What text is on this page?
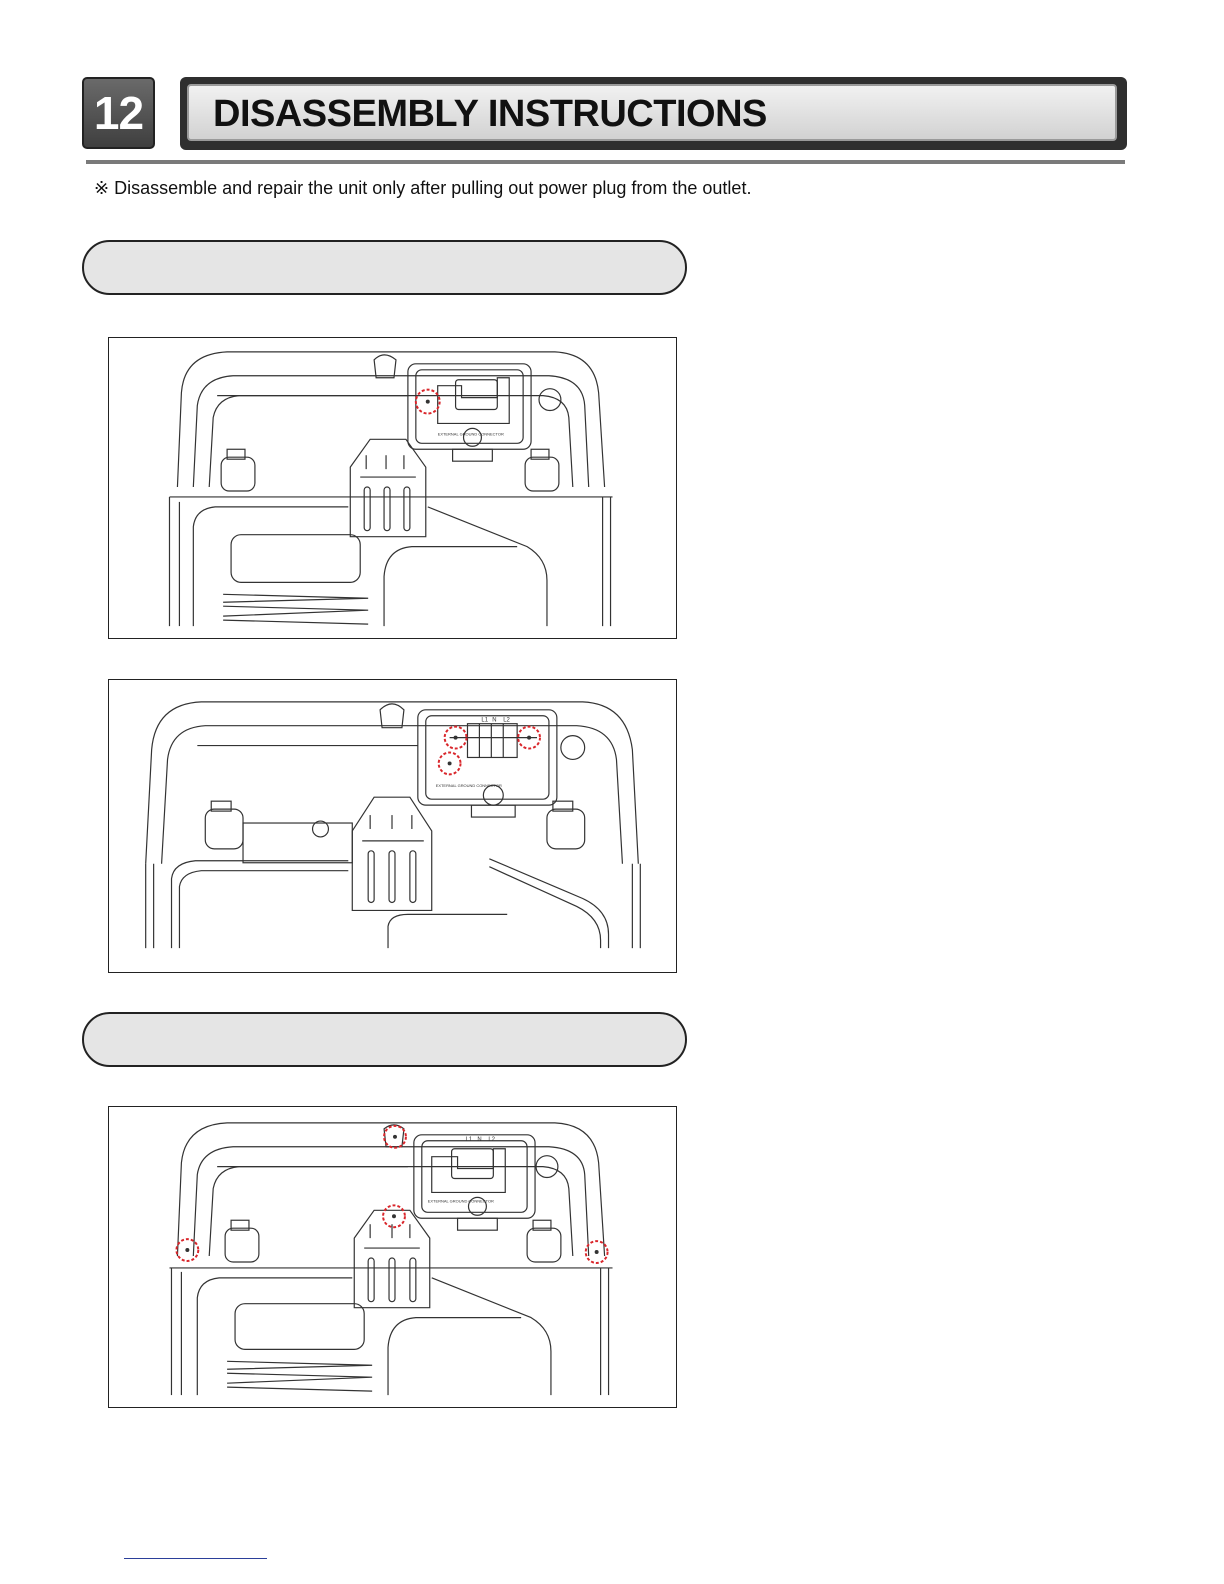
12	DISASSEMBLY INSTRUCTIONS
※ Disassemble and repair the unit only after pulling out power plug from the outlet.
EXTERNAL GROUND CONNECTOR
L1 N L2
EXTERNAL GROUND CONNECTOR
L1 N L2
EXTERNAL GROUND CONNECTOR
